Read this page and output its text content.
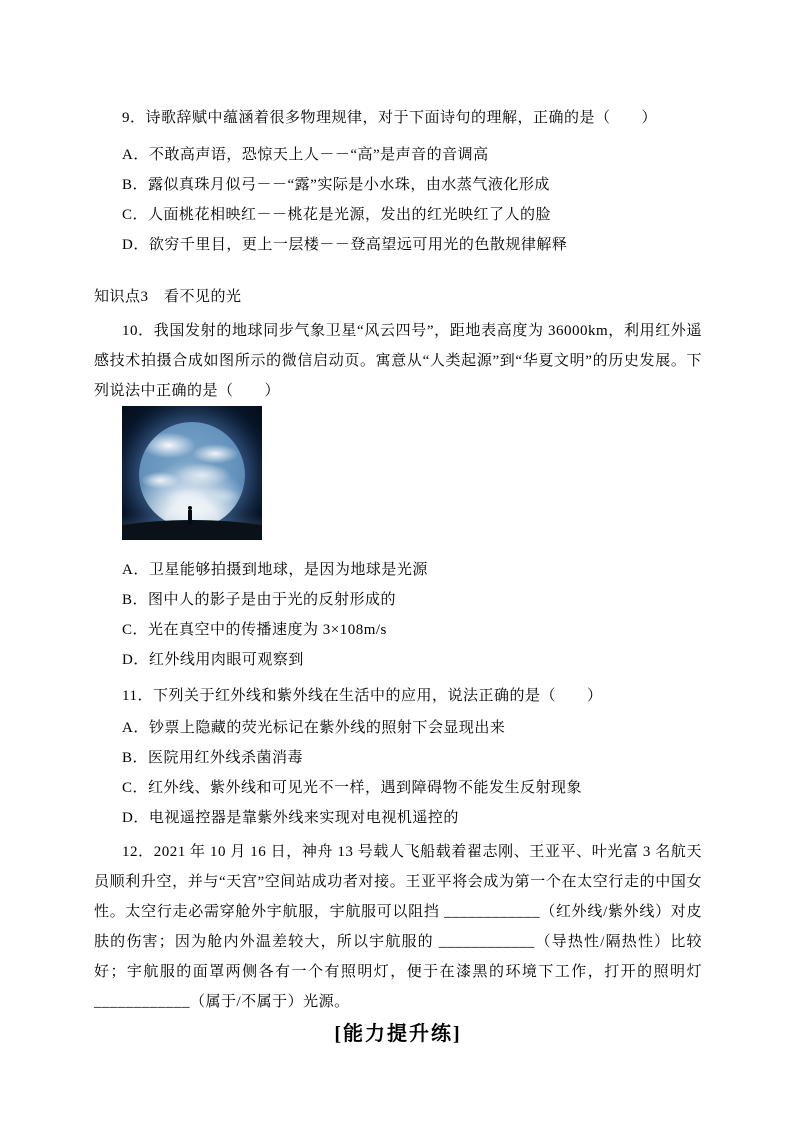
9．诗歌辞赋中蕴涵着很多物理规律，对于下面诗句的理解，正确的是（　　）

A．不敢高声语，恐惊天上人－－“高”是声音的音调高

B．露似真珠月似弓－－“露”实际是小水珠，由水蒸气液化形成

C．人面桃花相映红－－桃花是光源，发出的红光映红了人的脸

D．欲穷千里目，更上一层楼－－登高望远可用光的色散规律解释

知识点3　看不见的光

10．我国发射的地球同步气象卫星“风云四号”，距地表高度为 36000km，利用红外遥感技术拍摄合成如图所示的微信启动页。寓意从“人类起源”到“华夏文明”的历史发展。下列说法中正确的是（　　）

A．卫星能够拍摄到地球，是因为地球是光源

B．图中人的影子是由于光的反射形成的

C．光在真空中的传播速度为 3×108m/s

D．红外线用肉眼可观察到

11．下列关于红外线和紫外线在生活中的应用，说法正确的是（　　）

A．钞票上隐藏的荧光标记在紫外线的照射下会显现出来

B．医院用红外线杀菌消毒

C．红外线、紫外线和可见光不一样，遇到障碍物不能发生反射现象

D．电视遥控器是靠紫外线来实现对电视机遥控的

12．2021 年 10 月 16 日，神舟 13 号载人飞船载着翟志刚、王亚平、叶光富 3 名航天员顺利升空，并与“天宫”空间站成功者对接。王亚平将会成为第一个在太空行走的中国女性。太空行走必需穿舱外宇航服，宇航服可以阻挡 ____________（红外线/紫外线）对皮肤的伤害；因为舱内外温差较大，所以宇航服的 ____________（导热性/隔热性）比较好；宇航服的面罩两侧各有一个有照明灯，便于在漆黑的环境下工作，打开的照明灯 ____________（属于/不属于）光源。

[能力提升练]
